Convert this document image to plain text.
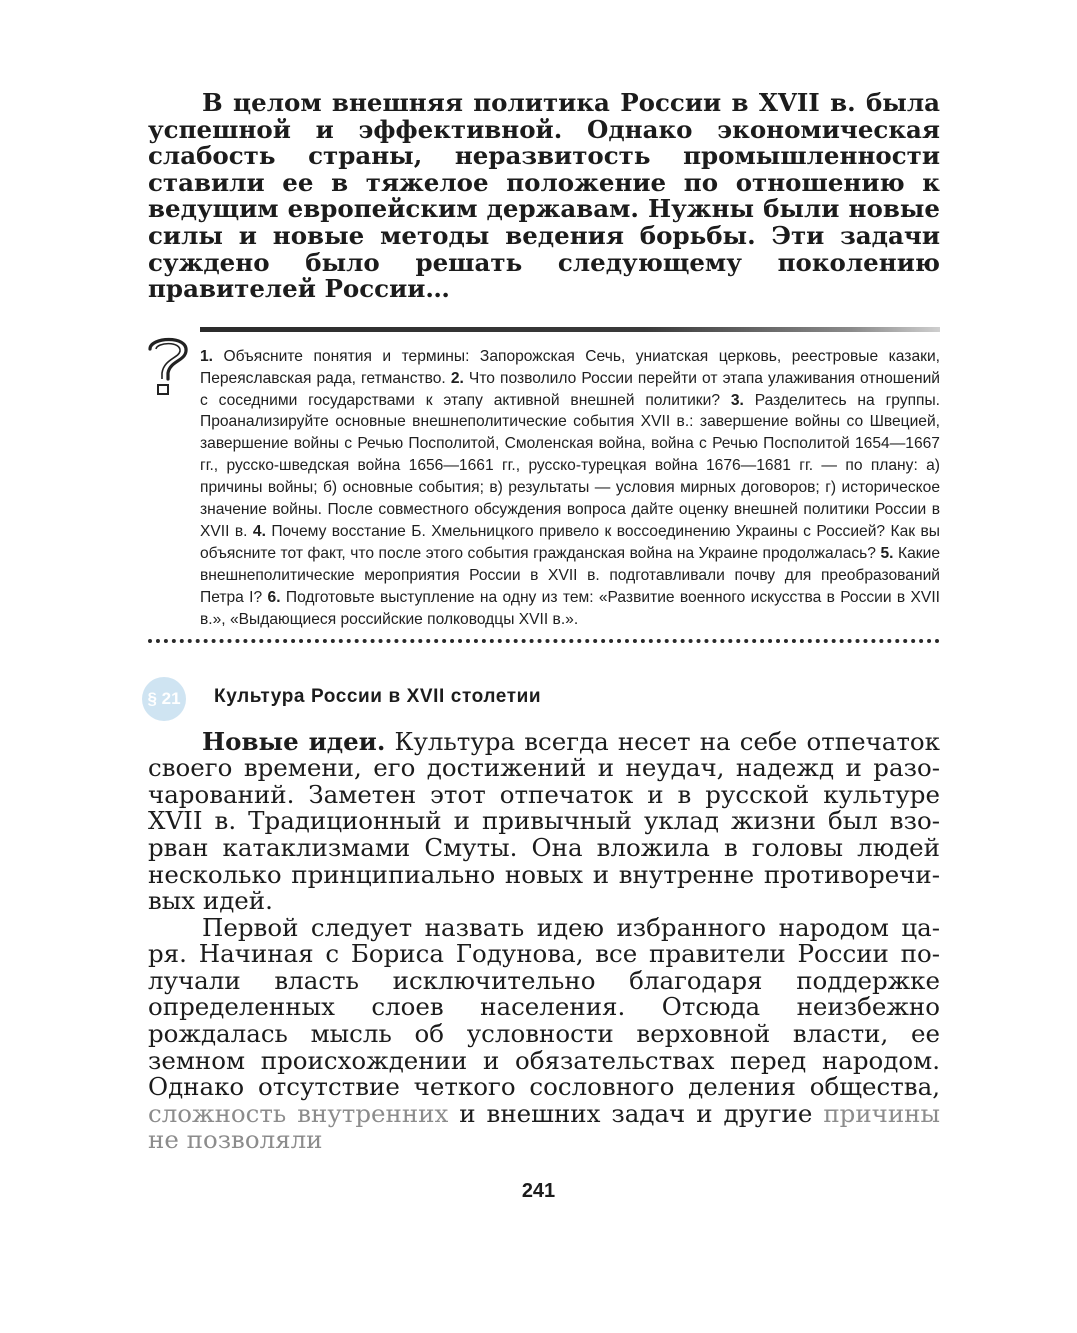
В целом внешняя политика России в XVII в. была успешной и эффективной. Однако экономическая слабость страны, неразвитость промышленности ставили ее в тяжелое положение по отношению к ведущим европейским державам. Нужны были новые силы и новые методы ведения борьбы. Эти задачи суждено было решать следующему поколению правителей России…

1. Объясните понятия и термины: Запорожская Сечь, униатская церковь, реестровые казаки, Переяславская рада, гетманство. 2. Что позволило России перейти от этапа улаживания отношений с соседними государствами к этапу активной внешней политики? 3. Разделитесь на группы. Проанализируйте основные внешнеполитические события XVII в.: завершение войны со Швецией, завершение войны с Речью Посполитой, Смоленская война, война с Речью Посполитой 1654—1667 гг., русско-шведская война 1656—1661 гг., русско-турецкая война 1676—1681 гг. — по плану: а) причины войны; б) основные события; в) результаты — условия мирных договоров; г) историческое значение войны. После совместного обсуждения вопроса дайте оценку внешней политики России в XVII в. 4. Почему восстание Б. Хмельницкого привело к воссоединению Украины с Россией? Как вы объясните тот факт, что после этого события гражданская война на Украине продолжалась? 5. Какие внешнеполитические мероприятия России в XVII в. подготавливали почву для преобразований Петра I? 6. Подготовьте выступление на одну из тем: «Развитие военного искусства в России в XVII в.», «Выдающиеся российские полководцы XVII в.».

§ 21 Культура России в XVII столетии

Новые идеи. Культура всегда несет на себе отпечаток своего времени, его достижений и неудач, надежд и разочарований. Заметен этот отпечаток и в русской культуре XVII в. Традиционный и привычный уклад жизни был взорван катаклизмами Смуты. Она вложила в головы людей несколько принципиально новых и внутренне противоречивых идей.

Первой следует назвать идею избранного народом царя. Начиная с Бориса Годунова, все правители России получали власть исключительно благодаря поддержке определенных слоев населения. Отсюда неизбежно рождалась мысль об условности верховной власти, ее земном происхождении и обязательствах перед народом. Однако отсутствие четкого сословного деления общества, сложность внутренних и внешних задач и другие причины не позволяли

241
